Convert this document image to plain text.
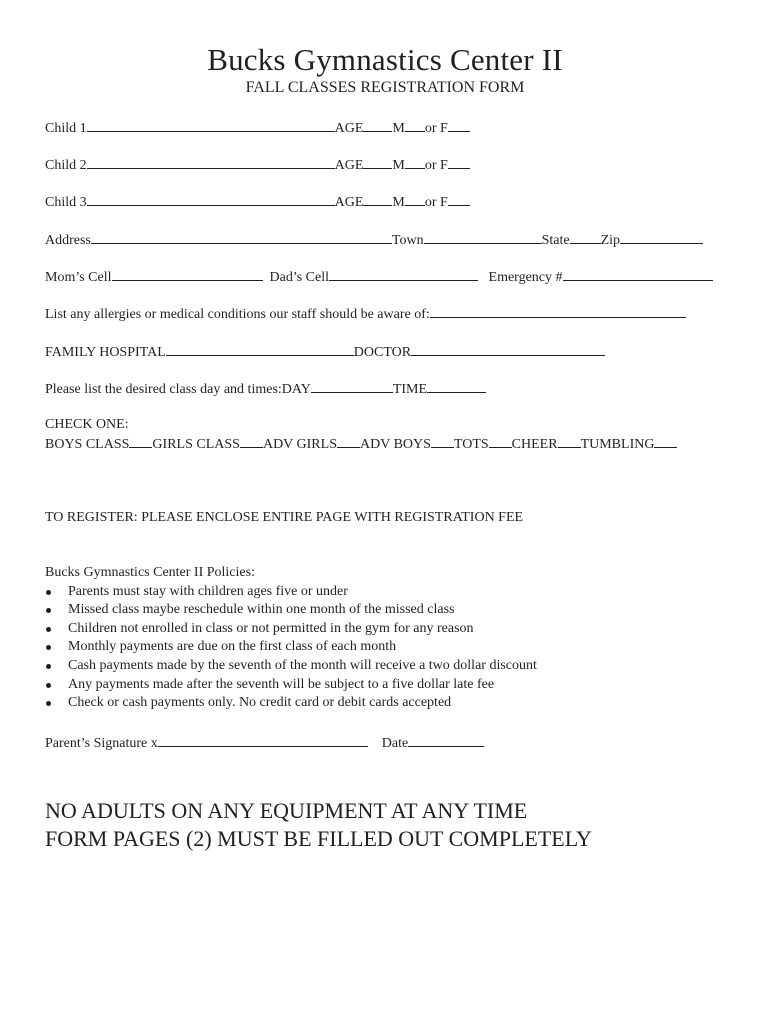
Bucks Gymnastics Center II
FALL CLASSES REGISTRATION FORM
Child 1	AGE M or F
Child 2	AGE M or F
Child 3	AGE M or F
Address	Town	State Zip
Mom’s Cell	Dad’s Cell	Emergency #
List any allergies or medical conditions our staff should be aware of:
FAMILY HOSPITAL	DOCTOR
Please list the desired class day and times:DAY	TIME
CHECK ONE:
BOYS CLASS GIRLS CLASS ADV GIRLS ADV BOYS TOTS CHEER TUMBLING
TO REGISTER: PLEASE ENCLOSE ENTIRE PAGE WITH REGISTRATION FEE
Bucks Gymnastics Center II Policies:
Parents must stay with children ages five or under
Missed class maybe reschedule within one month of the missed class
Children not enrolled in class or not permitted in the gym for any reason
Monthly payments are due on the first class of each month
Cash payments made by the seventh of the month will receive a two dollar discount
Any payments made after the seventh will be subject to a five dollar late fee
Check or cash payments only. No credit card or debit cards accepted
Parent’s Signature x	Date
NO ADULTS ON ANY EQUIPMENT AT ANY TIME
FORM PAGES (2) MUST BE FILLED OUT COMPLETELY
